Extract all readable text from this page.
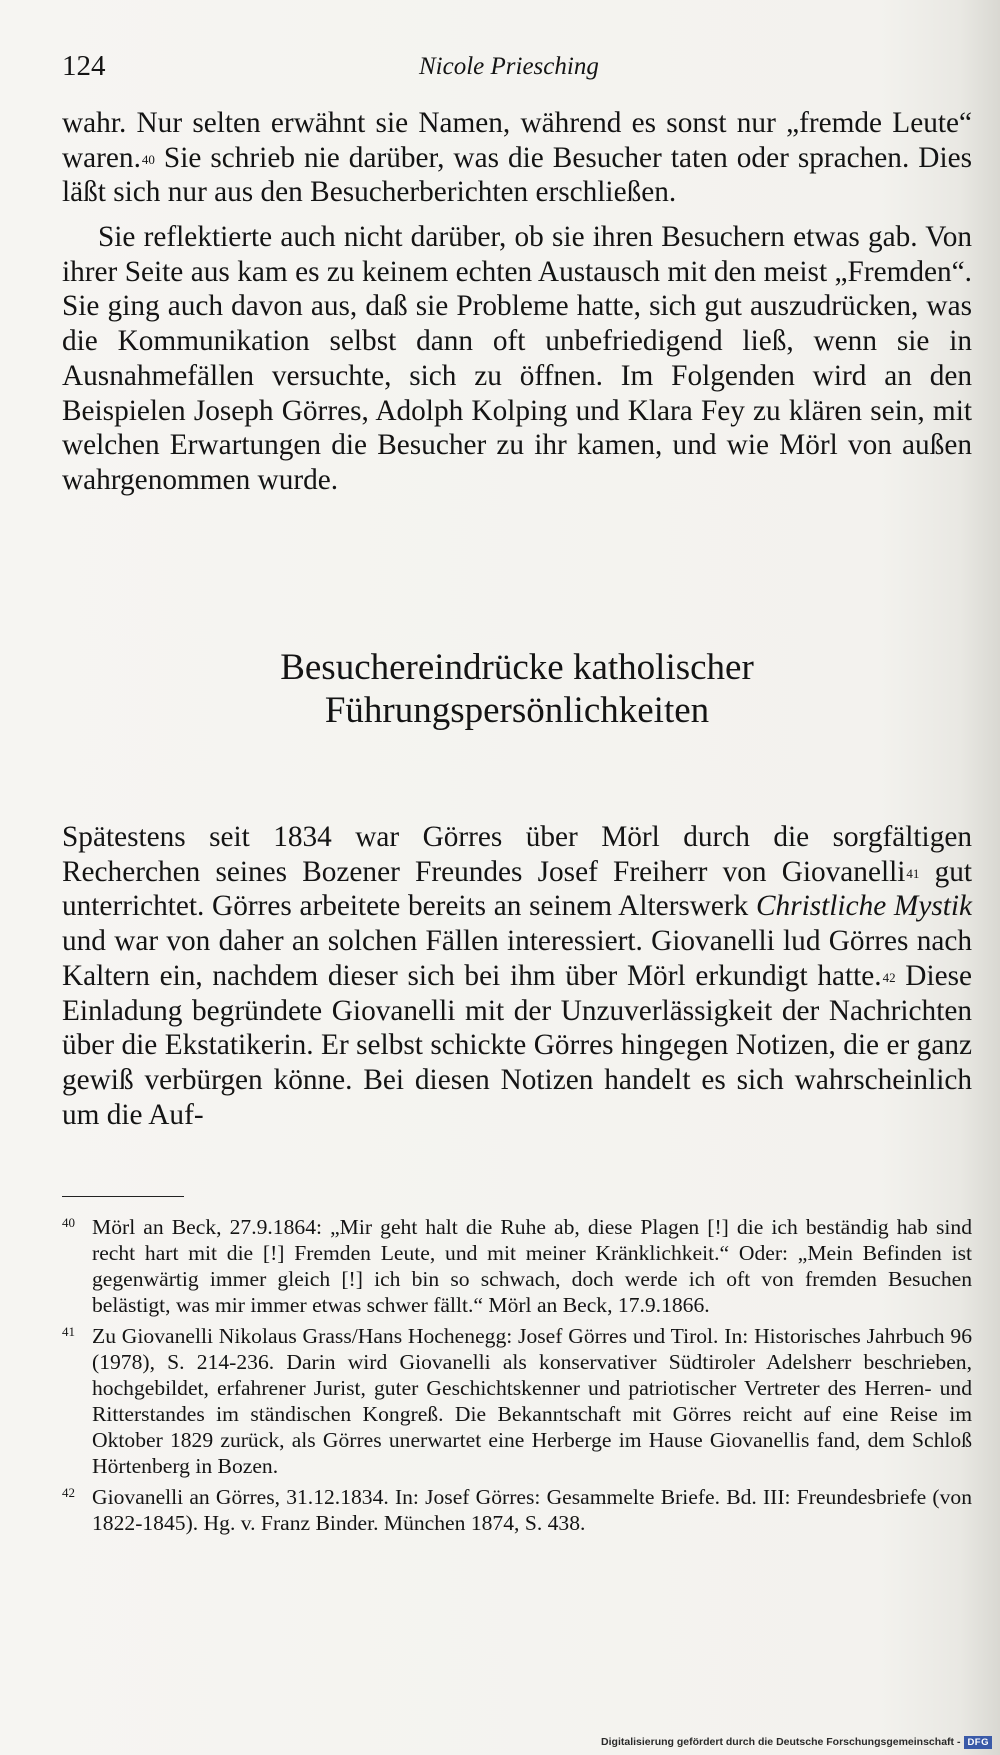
124	Nicole Priesching

wahr. Nur selten erwähnt sie Namen, während es sonst nur „fremde Leute“ waren.$^{40}$ Sie schrieb nie darüber, was die Besucher taten oder sprachen. Dies läßt sich nur aus den Besucherberichten erschließen.

Sie reflektierte auch nicht darüber, ob sie ihren Besuchern etwas gab. Von ihrer Seite aus kam es zu keinem echten Austausch mit den meist „Fremden“. Sie ging auch davon aus, daß sie Probleme hatte, sich gut auszudrücken, was die Kommunikation selbst dann oft unbefriedigend ließ, wenn sie in Ausnahmefällen versuchte, sich zu öffnen. Im Folgenden wird an den Beispielen Joseph Görres, Adolph Kolping und Klara Fey zu klären sein, mit welchen Erwartungen die Besucher zu ihr kamen, und wie Mörl von außen wahrgenommen wurde.

Besuchereindrücke katholischer
Führungspersönlichkeiten

Spätestens seit 1834 war Görres über Mörl durch die sorgfältigen Recherchen seines Bozener Freundes Josef Freiherr von Giovanelli$^{41}$ gut unterrichtet. Görres arbeitete bereits an seinem Alterswerk Christliche Mystik und war von daher an solchen Fällen interessiert. Giovanelli lud Görres nach Kaltern ein, nachdem dieser sich bei ihm über Mörl erkundigt hatte.$^{42}$ Diese Einladung begründete Giovanelli mit der Unzuverlässigkeit der Nachrichten über die Ekstatikerin. Er selbst schickte Görres hingegen Notizen, die er ganz gewiß verbürgen könne. Bei diesen Notizen handelt es sich wahrscheinlich um die Auf-

40 Mörl an Beck, 27.9.1864: „Mir geht halt die Ruhe ab, diese Plagen [!] die ich beständig hab sind recht hart mit die [!] Fremden Leute, und mit meiner Kränklichkeit.“ Oder: „Mein Befinden ist gegenwärtig immer gleich [!] ich bin so schwach, doch werde ich oft von fremden Besuchen belästigt, was mir immer etwas schwer fällt.“ Mörl an Beck, 17.9.1866.
41 Zu Giovanelli Nikolaus Grass/Hans Hochenegg: Josef Görres und Tirol. In: Historisches Jahrbuch 96 (1978), S. 214-236. Darin wird Giovanelli als konservativer Südtiroler Adelsherr beschrieben, hochgebildet, erfahrener Jurist, guter Geschichtskenner und patriotischer Vertreter des Herren- und Ritterstandes im ständischen Kongreß. Die Bekanntschaft mit Görres reicht auf eine Reise im Oktober 1829 zurück, als Görres unerwartet eine Herberge im Hause Giovanellis fand, dem Schloß Hörtenberg in Bozen.
42 Giovanelli an Görres, 31.12.1834. In: Josef Görres: Gesammelte Briefe. Bd. III: Freundesbriefe (von 1822-1845). Hg. v. Franz Binder. München 1874, S. 438.
Digitalisierung gefördert durch die Deutsche Forschungsgemeinschaft - DFG
